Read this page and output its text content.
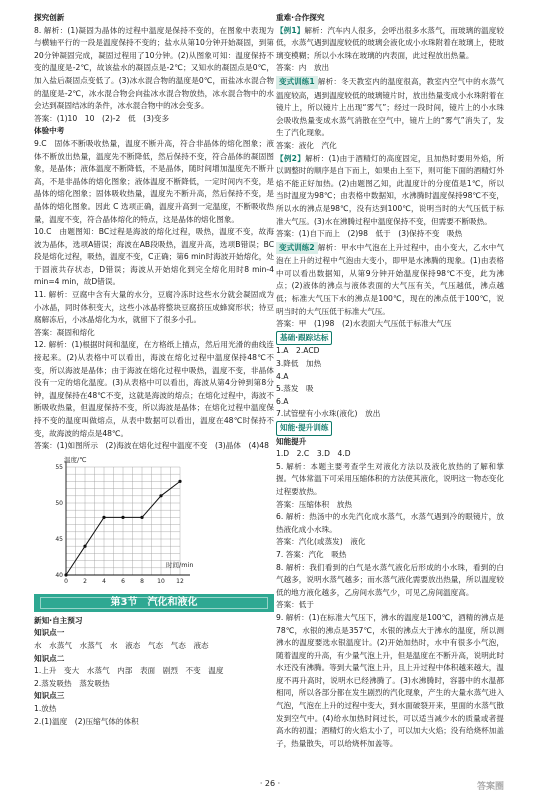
探究创新

8. 解析：(1)凝固为晶体的过程中温度是保持不变的，在图象中表现为与横轴平行的一段是温度保持不变的；盐水从第10分钟开始凝固，到第20分钟凝固完成，凝固过程用了10分钟。(2)从图象可知：温度保持不变的温度是-2℃，故该盐水的凝固点是-2℃；又知水的凝固点是0℃，加入盐后凝固点变低了。(3)冰水混合物的温度是0℃，而盐冰水混合物的温度是-2℃，冰水混合物会向盐冰水混合物放热，冰水混合物中的水会达到凝固结冰的条件，冰水混合物中的冰会变多。

答案：(1)10　10　(2)-2　低　(3)变多

体验中考

9.C　固体不断吸收热量，温度不断升高，符合非晶体的熔化图象；液体不断放出热量，温度先不断降低，然后保持不变，符合晶体的凝固图象，是晶体；液体温度不断降低，不是晶体，随时间增加温度先不断升高，不是非晶体的熔化图象；液体温度不断降低，一定时间内不变，是晶体的熔化图象；固体吸收热量，温度先不断升高，然后保持不变，是晶体的熔化图象。因此 C 选项正确，温度升高到一定温度，不断吸收热量，温度不变，符合晶体熔化的特点，这是晶体的熔化图象。

10.C　由题图知：BC过程是海波的熔化过程，吸热，温度不变，故海波为晶体，选项A错误；海波在AB段吸热，温度升高，选项B错误；BC段是熔化过程，吸热，温度不变，C正确；第6 min时海波开始熔化，处于固液共存状态，D错误；海波从开始熔化到完全熔化用时8 min-4 min=4 min，故D错误。

11. 解析：豆腐中含有大量的水分，豆腐冷冻时这些水分就会凝固成为小冰晶，同时体积变大，这些小冰晶将整块豆腐挤压成蜂窝形状；待豆腐解冻后，小冰晶熔化为水，就留下了很多小孔。

答案：凝固和熔化

12. 解析：(1)根据时间和温度，在方格纸上描点，然后用光滑的曲线连接起来。(2)从表格中可以看出，海波在熔化过程中温度保持48℃不变，所以海波是晶体；由于海波在熔化过程中吸热，温度不变，非晶体没有一定的熔化温度。(3)从表格中可以看出，海波从第4分钟到第8分钟，温度保持在48℃不变，这就是海波的熔点；在熔化过程中，海波不断吸收热量，但温度保持不变，所以海波是晶体；在熔化过程中温度保持不变的温度叫做熔点，从表中数据可以看出，温度在48℃时保持不变，故海波的熔点是48℃。

答案：(1)如图所示　(2)海波在熔化过程中温度不变　(3)晶体　(4)48

0	2	4	6	8 10 12
40
45
50
55
温度/℃
时间/min
第3节　汽化和液化

新知·自主预习

知识点一

水　水蒸气　水蒸气　水　液态　气态　气态　液态

知识点二

1.上升　变大　水蒸气　内部　表面　剧烈　不变　温度

2.蒸发吸热　蒸发吸热

知识点三

1.放热

2.(1)温度　(2)压缩气体的体积

重难·合作探究

【例1】解析：汽车内人很多，会呼出很多水蒸气，而玻璃的温度较低，水蒸气遇到温度较低的玻璃会液化成小水珠附着在玻璃上，使玻璃变模糊；所以小水珠在玻璃的内表面，此过程放出热量。

答案：内　放出

变式训练1 解析：冬天教室内的温度很高，教室内空气中的水蒸气温度较高，遇到温度较低的玻璃镜片时，放出热量变成小水珠附着在镜片上，所以镜片上出现“雾气”；经过一段时间，镜片上的小水珠会吸收热量变成水蒸气消散在空气中，镜片上的“雾气”消失了，发生了汽化现象。

答案：液化　汽化

【例2】解析：(1)由于酒精灯的高度固定，且加热时要用外焰，所以调整时的顺序是自下而上，如果由上至下，则可能下面的酒精灯外焰不能正好加热。(2)由题图乙知，此温度计的分度值是1℃，所以当时温度为98℃；由表格中数据知，水沸腾时温度保持98℃不变，所以水的沸点是98℃，没有达到100℃，说明当时的大气压低于标准大气压。(3)水在沸腾过程中温度保持不变，但需要不断吸热。

答案：(1)自下而上　(2)98　低于　(3)保持不变　吸热

变式训练2 解析：甲水中气泡在上升过程中，由小变大，乙水中气泡在上升的过程中气泡由大变小，即甲是水沸腾的现象。(1)由表格中可以看出数据知，从第9分钟开始温度保持98℃不变，此为沸点；(2)液体的沸点与液体表面的大气压有关，气压越低，沸点越低；标准大气压下水的沸点是100℃，现在的沸点低于100℃，说明当时的大气压低于标准大气压。

答案：甲　(1)98　(2)水表面大气压低于标准大气压

基础·跟踪达标

1.A　2.ACD

3.降低　加热

4.A

5.蒸发　吸

6.A

7.试管壁有小水珠(液化)　放出

知能·提升训练

知能提升

1.D　2.C　3.D　4.D

5. 解析：本题主要考查学生对液化方法以及液化放热的了解和掌握。气体常温下可采用压缩体积的方法使其液化，说明这一物态变化过程要放热。

答案：压缩体积　放热

6. 解析：热汤中的水先汽化成水蒸气，水蒸气遇到冷的眼镜片，放热液化成小水珠。

答案：汽化(或蒸发)　液化

7. 答案：汽化　吸热

8. 解析：我们看到的白气是水蒸气液化后形成的小水珠，看到的白气越多，说明水蒸气越多；而水蒸气液化需要放出热量，所以温度较低的地方液化越多，乙房间水蒸气少，可见乙房间温度高。

答案：低于

9. 解析：(1)在标准大气压下，沸水的温度是100℃，酒精的沸点是78℃，水银的沸点是357℃，水银的沸点大于沸水的温度，所以测沸水的温度要选水银温度计。(2)开始加热时，水中有很多小气泡，随着温度的升高，有少量气泡上升，但是温度在不断升高，说明此时水还没有沸腾。等到大量气泡上升，且上升过程中体积越来越大，温度不再升高时，说明水已经沸腾了。(3)水沸腾时，容器中的水温都相同，所以各部分都在发生剧烈的汽化现象，产生的大量水蒸气进入气泡，气泡在上升的过程中变大，到水面破裂开来，里面的水蒸气散发到空气中。(4)给水加热时间过长，可以适当减少水的质量或者提高水的初温；酒精灯的火焰太小了，可以加大火焰；没有给烧杯加盖子，热量散失，可以给烧杯加盖等。

· 26 ·	答案圈
